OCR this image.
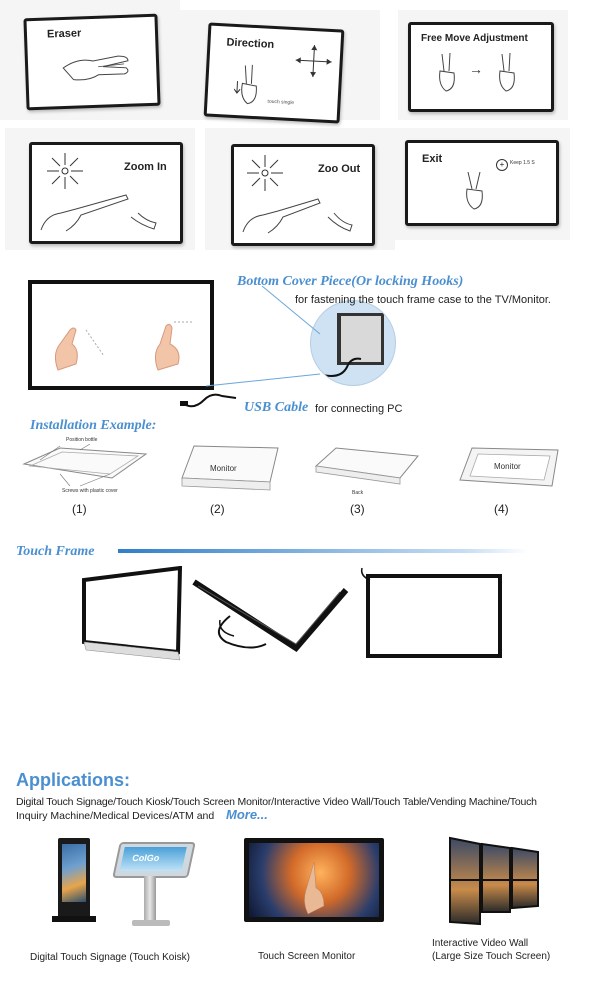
Eraser
Direction
touch single
Free Move Adjustment
→
Zoom In	Zoo Out
Exit	+	Keep 1.5 S
Bottom Cover Piece(Or locking Hooks)
for fastening the touch frame case to the TV/Monitor.
USB Cable for connecting PC
Installation Example:
Position bottle
Screws with plastic cover
Monitor
Back
Monitor
(1)	(2)	(3)	(4)
Touch Frame
Applications:
Digital Touch Signage/Touch Kiosk/Touch Screen Monitor/Interactive Video Wall/Touch Table/Vending Machine/Touch
Inquiry Machine/Medical Devices/ATM and More...
ColGo
Digital Touch Signage (Touch Koisk)	Touch Screen Monitor
Interactive Video Wall
(Large Size Touch Screen)
